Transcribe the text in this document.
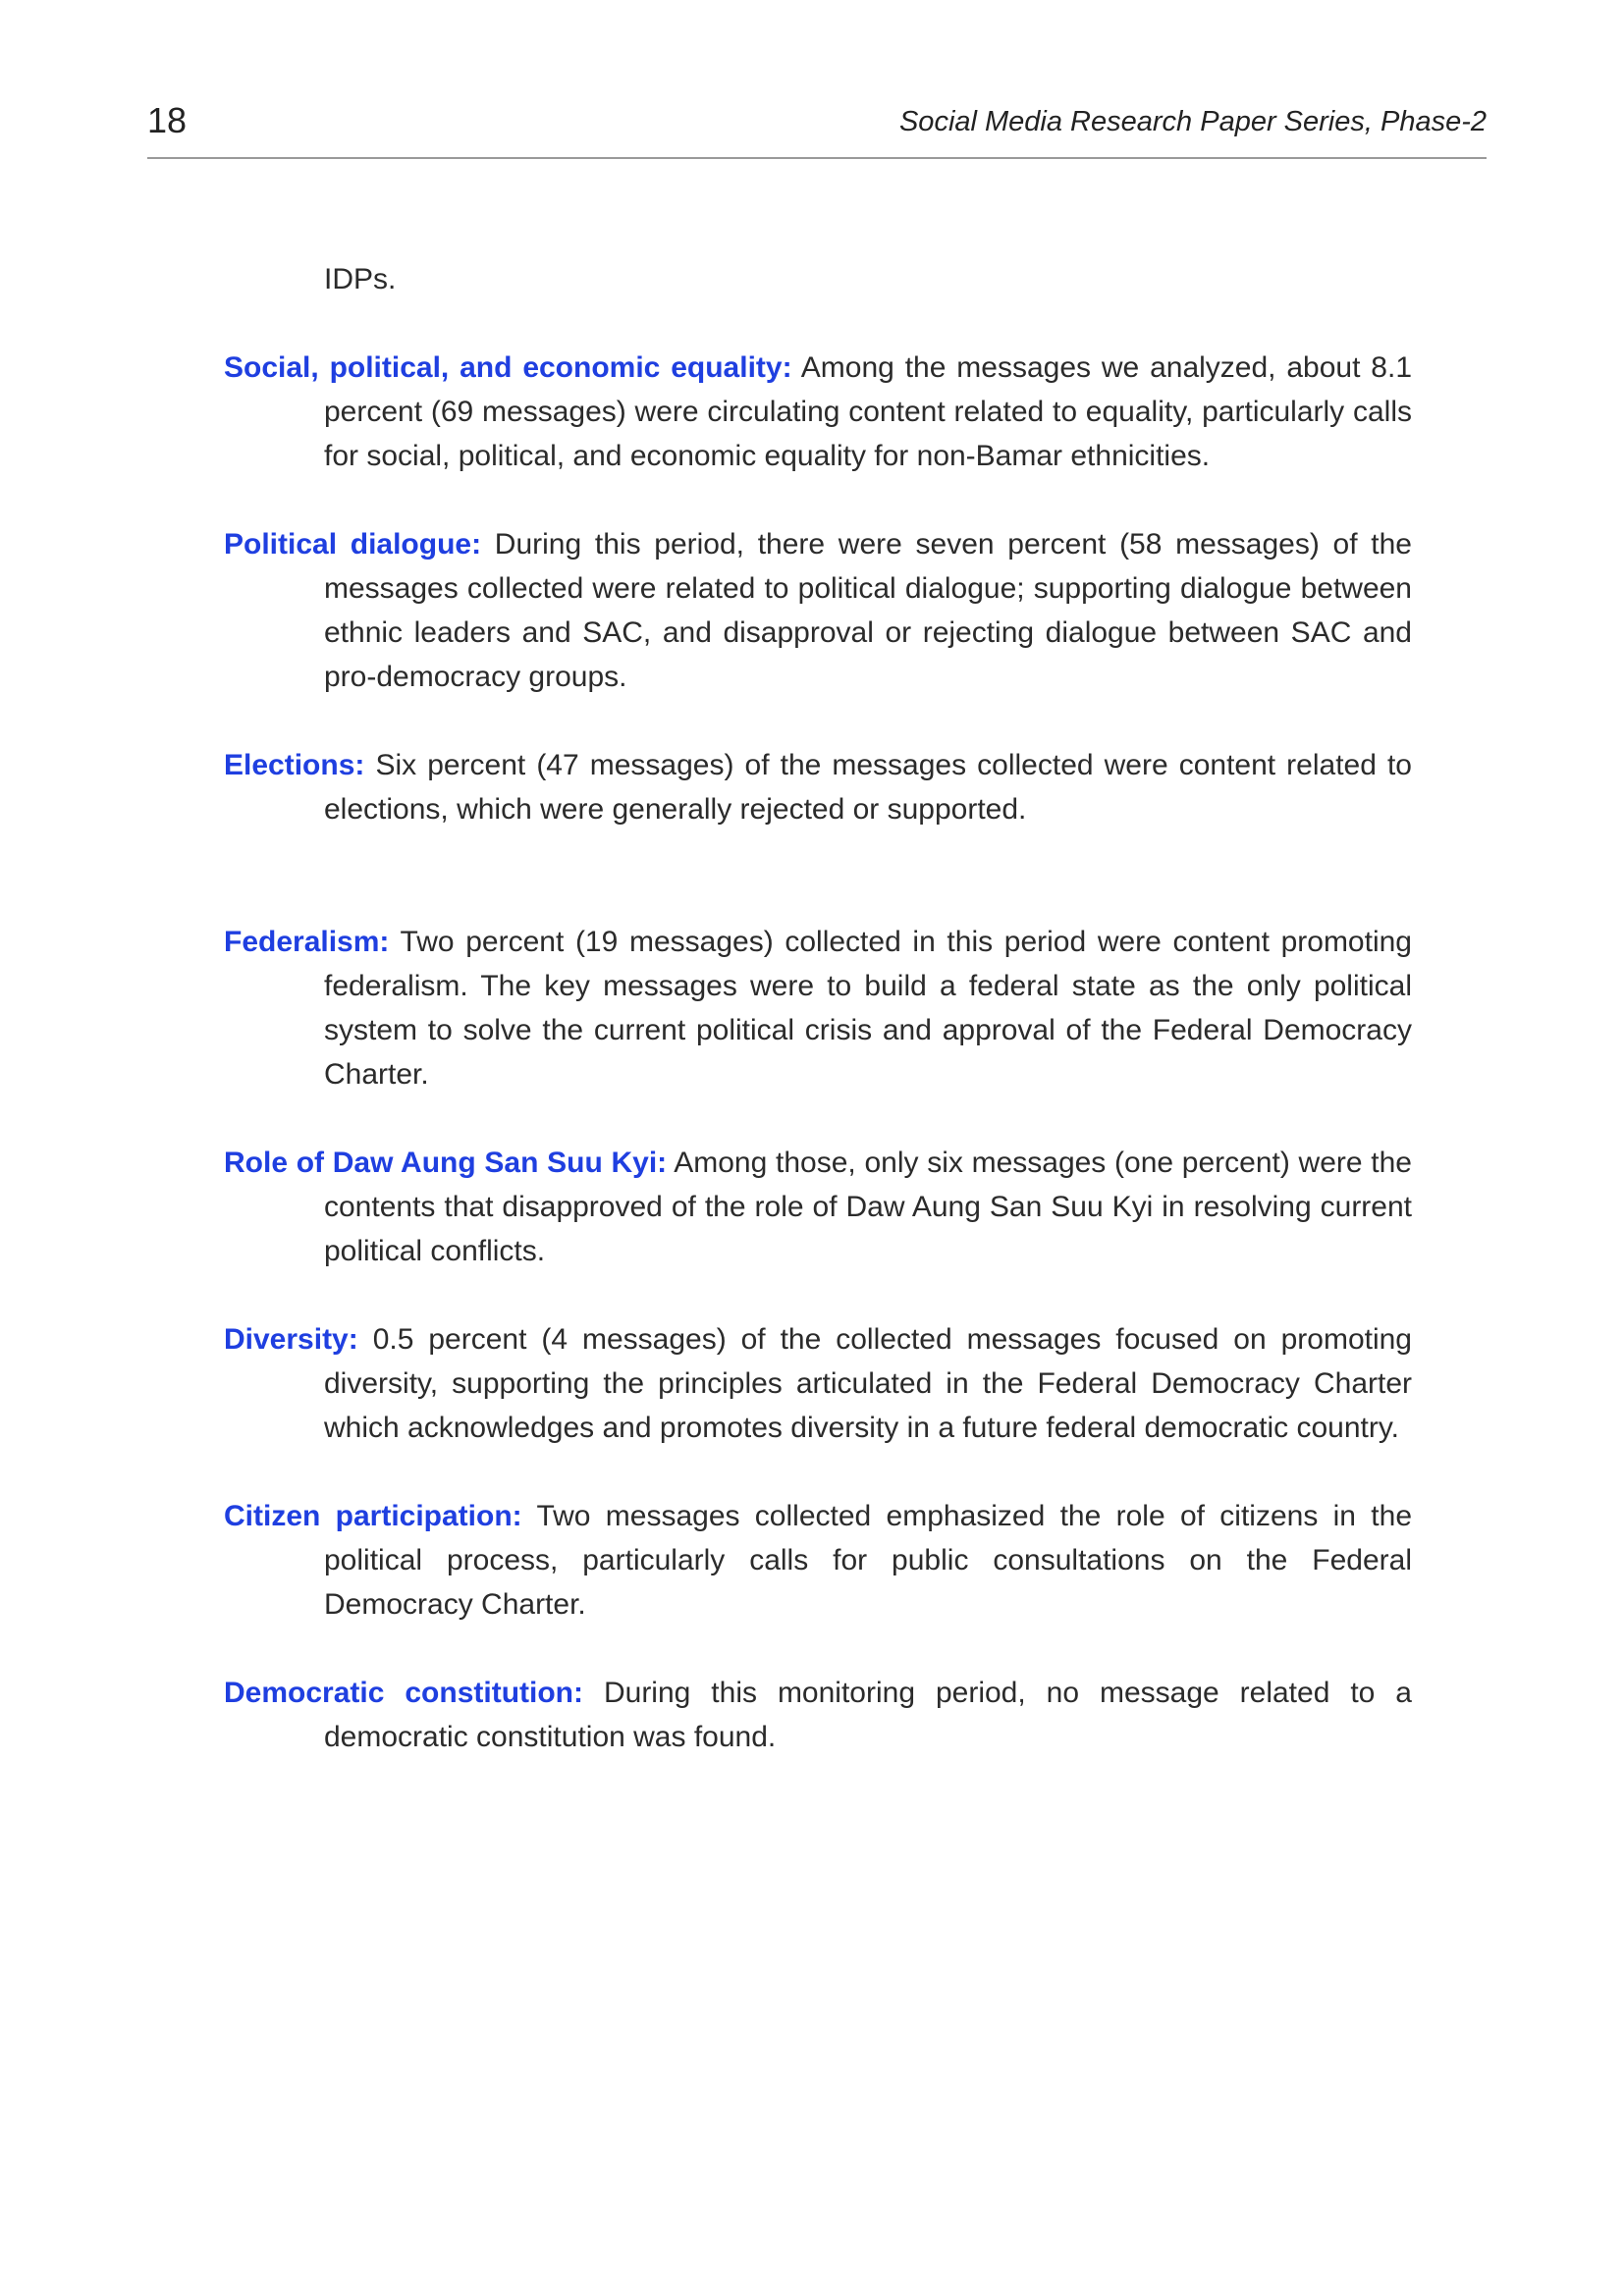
18	Social Media Research Paper Series, Phase-2

IDPs.

Social, political, and economic equality: Among the messages we analyzed, about 8.1 percent (69 messages) were circulating content related to equality, particularly calls for social, political, and economic equality for non-Bamar ethnicities.

Political dialogue: During this period, there were seven percent (58 messages) of the messages collected were related to political dialogue; supporting dialogue between ethnic leaders and SAC, and disapproval or rejecting dialogue between SAC and pro-democracy groups.

Elections: Six percent (47 messages) of the messages collected were content related to elections, which were generally rejected or supported.

Federalism: Two percent (19 messages) collected in this period were content promoting federalism. The key messages were to build a federal state as the only political system to solve the current political crisis and approval of the Federal Democracy Charter.

Role of Daw Aung San Suu Kyi: Among those, only six messages (one percent) were the contents that disapproved of the role of Daw Aung San Suu Kyi in resolving current political conflicts.

Diversity: 0.5 percent (4 messages) of the collected messages focused on promoting diversity, supporting the principles articulated in the Federal Democracy Charter which acknowledges and promotes diversity in a future federal democratic country.

Citizen participation: Two messages collected emphasized the role of citizens in the political process, particularly calls for public consultations on the Federal Democracy Charter.

Democratic constitution: During this monitoring period, no message related to a democratic constitution was found.
